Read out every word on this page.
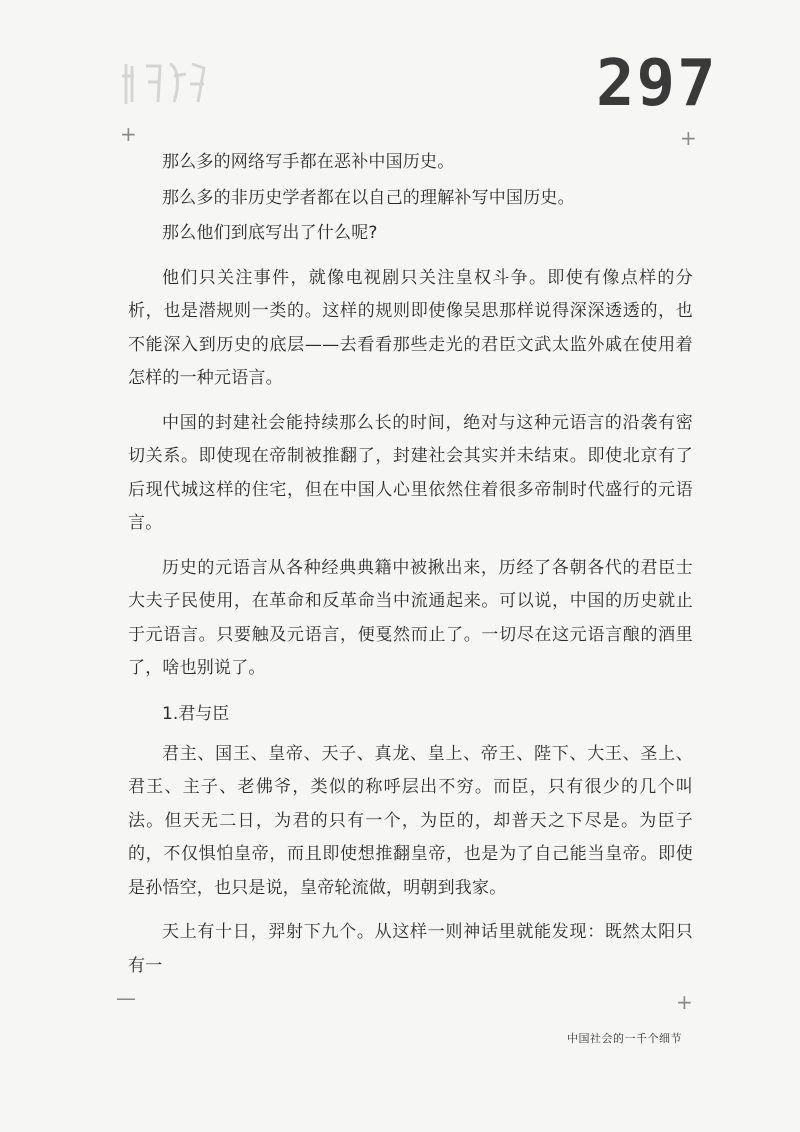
297
+	+
—	+

那么多的网络写手都在恶补中国历史。

那么多的非历史学者都在以自己的理解补写中国历史。

那么他们到底写出了什么呢?

他们只关注事件，就像电视剧只关注皇权斗争。即使有像点样的分析，也是潜规则一类的。这样的规则即使像吴思那样说得深深透透的，也不能深入到历史的底层——去看看那些走光的君臣文武太监外戚在使用着怎样的一种元语言。

中国的封建社会能持续那么长的时间，绝对与这种元语言的沿袭有密切关系。即使现在帝制被推翻了，封建社会其实并未结束。即使北京有了后现代城这样的住宅，但在中国人心里依然住着很多帝制时代盛行的元语言。

历史的元语言从各种经典典籍中被揪出来，历经了各朝各代的君臣士大夫子民使用，在革命和反革命当中流通起来。可以说，中国的历史就止于元语言。只要触及元语言，便戛然而止了。一切尽在这元语言酿的酒里了，啥也别说了。

1.君与臣

君主、国王、皇帝、天子、真龙、皇上、帝王、陛下、大王、圣上、君王、主子、老佛爷，类似的称呼层出不穷。而臣，只有很少的几个叫法。但天无二日，为君的只有一个，为臣的，却普天之下尽是。为臣子的，不仅惧怕皇帝，而且即使想推翻皇帝，也是为了自己能当皇帝。即使是孙悟空，也只是说，皇帝轮流做，明朝到我家。

天上有十日，羿射下九个。从这样一则神话里就能发现：既然太阳只有一

中国社会的一千个细节
